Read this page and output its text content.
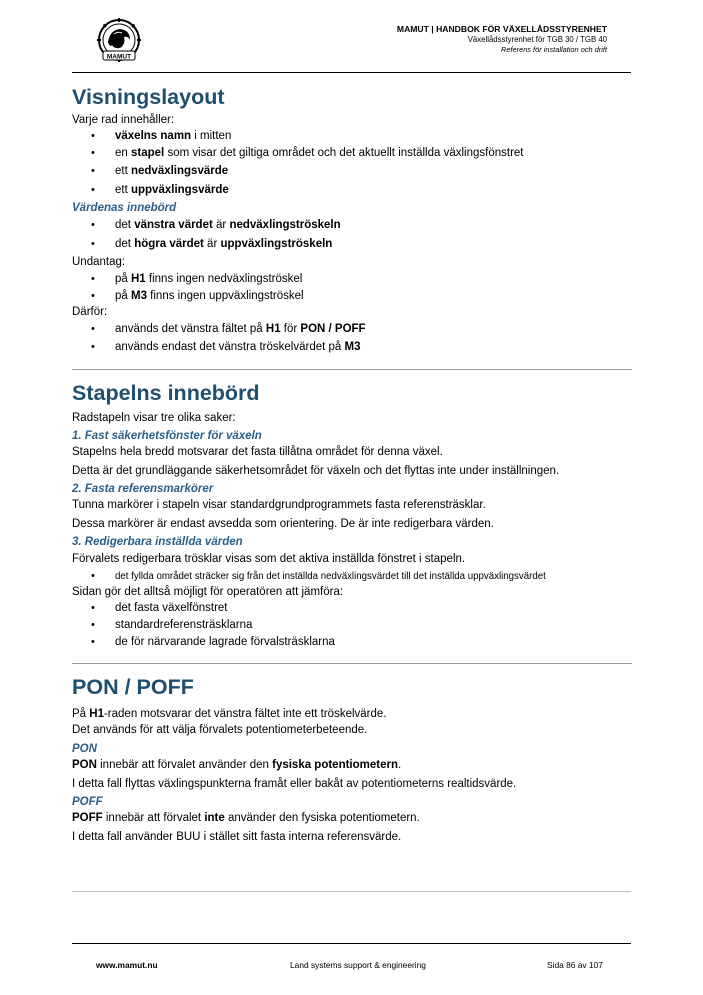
MAMUT
MAMUT | HANDBOK FÖR VÄXELLÅDSSTYRENHET
Växellådsstyrenhet för TGB 30 / TGB 40
Referens för installation och drift
Visningslayout

Varje rad innehåller:

• växelns namn i mitten
• en stapel som visar det giltiga området och det aktuellt inställda växlingsfönstret
• ett nedväxlingsvärde
• ett uppväxlingsvärde

Värdenas innebörd

• det vänstra värdet är nedväxlingströskeln
• det högra värdet är uppväxlingströskeln

Undantag:

• på H1 finns ingen nedväxlingströskel
• på M3 finns ingen uppväxlingströskel

Därför:

• används det vänstra fältet på H1 för PON / POFF
• används endast det vänstra tröskelvärdet på M3
Stapelns innebörd

Radstapeln visar tre olika saker:

1. Fast säkerhetsfönster för växeln

Stapelns hela bredd motsvarar det fasta tillåtna området för denna växel.

Detta är det grundläggande säkerhetsområdet för växeln och det flyttas inte under inställningen.

2. Fasta referensmarkörer

Tunna markörer i stapeln visar standardgrundprogrammets fasta referensträsklar.

Dessa markörer är endast avsedda som orientering. De är inte redigerbara värden.

3. Redigerbara inställda värden

Förvalets redigerbara trösklar visas som det aktiva inställda fönstret i stapeln.

• det fyllda området sträcker sig från det inställda nedväxlingsvärdet till det inställda uppväxlingsvärdet

Sidan gör det alltså möjligt för operatören att jämföra:

• det fasta växelfönstret
• standardreferensträsklarna
• de för närvarande lagrade förvalsträsklarna
PON / POFF

På H1-raden motsvarar det vänstra fältet inte ett tröskelvärde.

Det används för att välja förvalets potentiometerbeteende.

PON

PON innebär att förvalet använder den fysiska potentiometern.

I detta fall flyttas växlingspunkterna framåt eller bakåt av potentiometerns realtidsvärde.

POFF

POFF innebär att förvalet inte använder den fysiska potentiometern.

I detta fall använder BUU i stället sitt fasta interna referensvärde.

www.mamut.nu	Land systems support & engineering	Sida 86 av 107
